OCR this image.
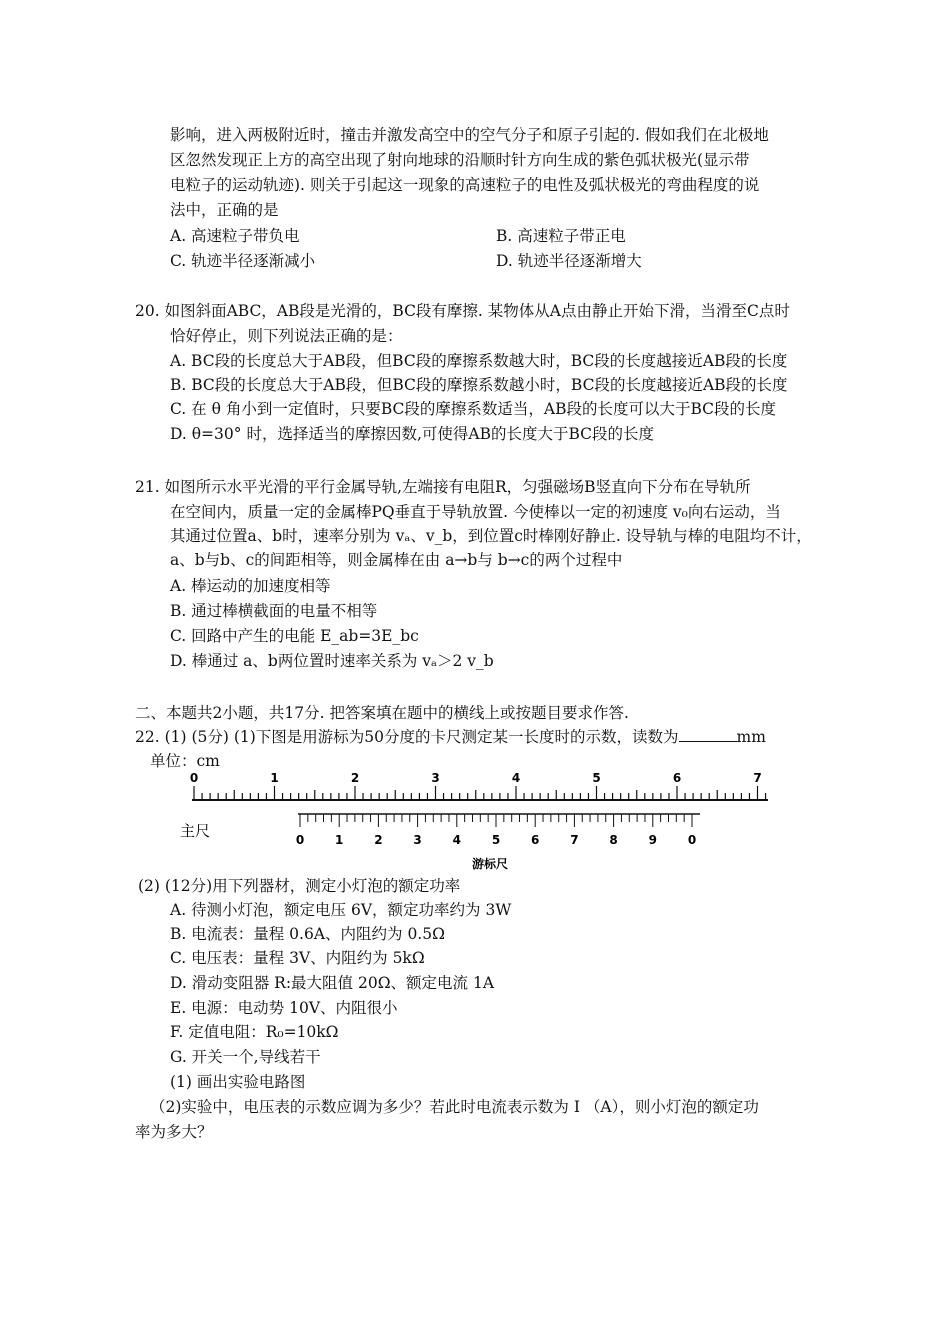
影响，进入两极附近时，撞击并激发高空中的空气分子和原子引起的. 假如我们在北极地
区忽然发现正上方的高空出现了射向地球的沿顺时针方向生成的紫色弧状极光(显示带
电粒子的运动轨迹). 则关于引起这一现象的高速粒子的电性及弧状极光的弯曲程度的说
法中，正确的是
A. 高速粒子带负电	B. 高速粒子带正电
C. 轨迹半径逐渐减小	D. 轨迹半径逐渐增大
20. 如图斜面ABC，AB段是光滑的，BC段有摩擦. 某物体从A点由静止开始下滑，当滑至C点时
恰好停止，则下列说法正确的是：
A. BC段的长度总大于AB段，但BC段的摩擦系数越大时，BC段的长度越接近AB段的长度
B. BC段的长度总大于AB段，但BC段的摩擦系数越小时，BC段的长度越接近AB段的长度
C. 在 θ 角小到一定值时，只要BC段的摩擦系数适当，AB段的长度可以大于BC段的长度
D. θ=30° 时，选择适当的摩擦因数,可使得AB的长度大于BC段的长度
21. 如图所示水平光滑的平行金属导轨,左端接有电阻R，匀强磁场B竖直向下分布在导轨所
在空间内，质量一定的金属棒PQ垂直于导轨放置. 今使棒以一定的初速度 v₀向右运动，当
其通过位置a、b时，速率分别为 vₐ、v_b，到位置c时棒刚好静止. 设导轨与棒的电阻均不计，
a、b与b、c的间距相等，则金属棒在由 a→b与 b→c的两个过程中
A. 棒运动的加速度相等
B. 通过棒横截面的电量不相等
C. 回路中产生的电能 E_ab=3E_bc
D. 棒通过 a、b两位置时速率关系为 vₐ＞2 v_b
二、本题共2小题，共17分. 把答案填在题中的横线上或按题目要求作答.
22. (1) (5分) (1)下图是用游标为50分度的卡尺测定某一长度时的示数，读数为	mm
单位：cm
0	1	2	3	4	5	6	7
0	1	2	3	4	5	6	7	8	9	0
主尺
游标尺
(2) (12分)用下列器材，测定小灯泡的额定功率
A. 待测小灯泡，额定电压 6V，额定功率约为 3W
B. 电流表：量程 0.6A、内阻约为 0.5Ω
C. 电压表：量程 3V、内阻约为 5kΩ
D. 滑动变阻器 R:最大阻值 20Ω、额定电流 1A
E. 电源：电动势 10V、内阻很小
F. 定值电阻：R₀=10kΩ
G. 开关一个,导线若干
(1) 画出实验电路图
（2)实验中，电压表的示数应调为多少？若此时电流表示数为 I （A），则小灯泡的额定功
率为多大？
